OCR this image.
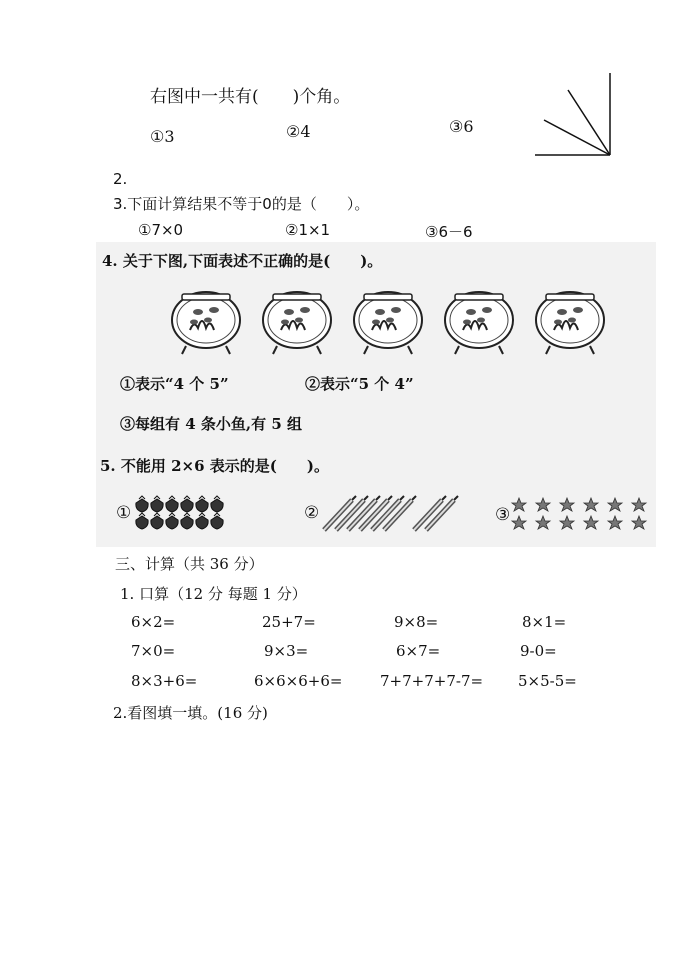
右图中一共有(　　)个角。
①3	②4	③6
2.
3.下面计算结果不等于0的是（　　）。
①7×0	②1×1	③6－6
4. 关于下图,下面表述不正确的是(　　)。
①表示“4 个 5”	②表示“5 个 4”
③每组有 4 条小鱼,有 5 组
5. 不能用 2×6 表示的是(　　)。
①	②	③
三、计算（共 36 分）
1. 口算（12 分 每题 1 分）
6×2=	25+7=	9×8=	8×1=
7×0=	9×3=	6×7=	9-0=
8×3+6=	6×6×6+6=	7+7+7+7-7= 5×5-5=
2.看图填一填。(16 分)
